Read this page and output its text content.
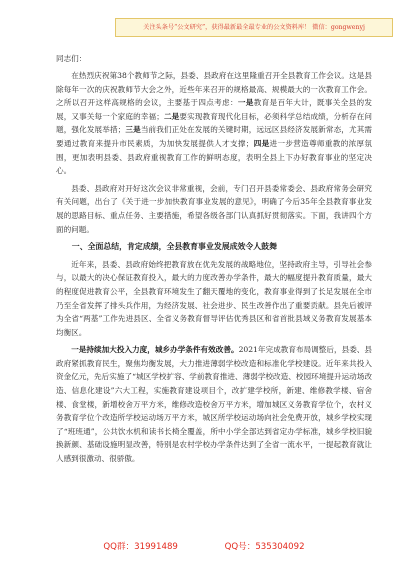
关注头条号“公文研究”，获得最新最全最专业的公文资料库！ 微信：gongwenyj
同志们：

在热烈庆祝第38个教师节之际，县委、县政府在这里隆重召开全县教育工作会议。这是县除每年一次的庆祝教师节大会之外，近些年来召开的规格最高、规模最大的一次教育工作会。之所以召开这样高规格的会议，主要基于四点考虑：一是教育是百年大计，既事关全县的发展，又事关每一个家庭的幸福；二是要实现教育现代化目标，必须科学总结成绩，分析存在问题，强化发展举措；三是当前我们正处在发展的关键时期，远远区县经济发展新常态，尤其需要通过教育来提升市民素质，为加快发展提供人才支撑；四是进一步营造尊师重教的浓厚氛围，更加表明县委、县政府重视教育工作的鲜明态度，表明全县上下办好教育事业的坚定决心。

县委、县政府对开好这次会议非常重视，会前，专门召开县委常委会、县政府常务会研究有关问题，出台了《关于进一步加快教育事业发展的意见》，明确了今后35年全县教育事业发展的思路目标、重点任务、主要措施，希望各级各部门认真抓好贯彻落实。下面，我讲四个方面的问题。

一、全面总结，肯定成绩，全县教育事业发展成效令人鼓舞

近年来，县委、县政府始终把教育放在优先发展的战略地位，坚持政府主导，引导社会参与，以最大的决心保证教育投入，最大的力度改善办学条件，最大的幅度提升教育质量，最大的程度促进教育公平，全县教育环境发生了翻天覆地的变化，教育事业得到了长足发展在全市乃至全省发挥了排头兵作用，为经济发展、社会进步、民生改善作出了重要贡献。县先后被评为全省“两基”工作先进县区、全省义务教育督导评估优秀县区和省首批县域义务教育发展基本均衡区。

一是持续加大投入力度，城乡办学条件有效改善。2021年完成教育布局调整后，县委、县政府紧抓教育民生，聚焦均衡发展，大力推进薄弱学校改造和标准化学校建设。近年来共投入资金亿元，先后实施了“城区学校扩容、学前教育推进、薄弱学校改造、校园环境提升运动场改造、信息化建设”六大工程，实施教育建设项目个，改扩建学校所，新建、维修教学楼、宿舍楼、食堂楼，新增校舍万平方米，维修改造校舍万平方米，增加城区义务教育学位个，农村义务教育学位个改造所学校运动场万平方米，城区所学校运动场向社会免费开放，城乡学校实现了“班班通”，公共饮水机和读书长椅全覆盖，所中小学全部达到省定办学标准，城乡学校旧貌换新颜、基础设施明显改善，特别是农村学校办学条件达到了全省一流水平，一提起教育就让人感到很激动、很骄傲。

QQ群：31991489	QQ号：535304092
